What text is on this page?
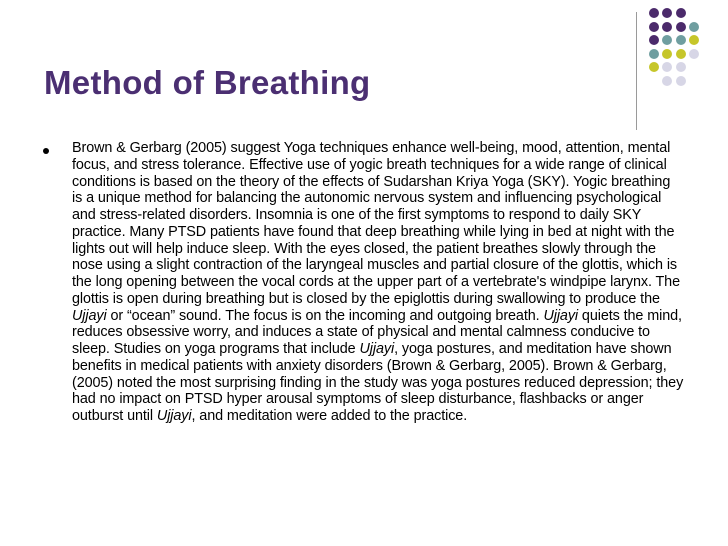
Method of Breathing
Brown & Gerbarg (2005) suggest Yoga techniques enhance well-being, mood, attention, mental focus, and stress tolerance. Effective use of yogic breath techniques for a wide range of clinical conditions is based on the theory of the effects of Sudarshan Kriya Yoga (SKY). Yogic breathing is a unique method for balancing the autonomic nervous system and influencing psychological and stress-related disorders. Insomnia is one of the first symptoms to respond to daily SKY practice. Many PTSD patients have found that deep breathing while lying in bed at night with the lights out will help induce sleep. With the eyes closed, the patient breathes slowly through the nose using a slight contraction of the laryngeal muscles and partial closure of the glottis, which is the long opening between the vocal cords at the upper part of a vertebrate's windpipe larynx. The glottis is open during breathing but is closed by the epiglottis during swallowing to produce the Ujjayi or “ocean” sound. The focus is on the incoming and outgoing breath. Ujjayi quiets the mind, reduces obsessive worry, and induces a state of physical and mental calmness conducive to sleep. Studies on yoga programs that include Ujjayi, yoga postures, and meditation have shown benefits in medical patients with anxiety disorders (Brown & Gerbarg, 2005). Brown & Gerbarg, (2005) noted the most surprising finding in the study was yoga postures reduced depression; they had no impact on PTSD hyper arousal symptoms of sleep disturbance, flashbacks or anger outburst until Ujjayi, and meditation were added to the practice.
